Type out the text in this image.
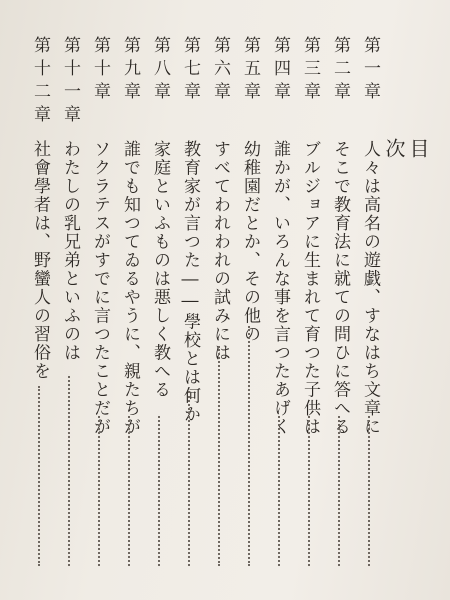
目次
第一章
人々は高名の遊戯、すなはち文章に
第二章
そこで教育法に就ての問ひに答へる
第三章
ブルジョアに生まれて育つた子供は
第四章
誰かが、いろんな事を言つたあげく
第五章
幼稚園だとか、その他の
第六章
すべてわれわれの試みには
第七章
教育家が言つた――學校とは何か
第八章
家庭といふものは悪しく教へる
第九章
誰でも知つてゐるやうに、親たちが
第十章
ソクラテスがすでに言つたことだが
第十一章
わたしの乳兄弟といふのは
第十二章
社會學者は、野蠻人の習俗を
